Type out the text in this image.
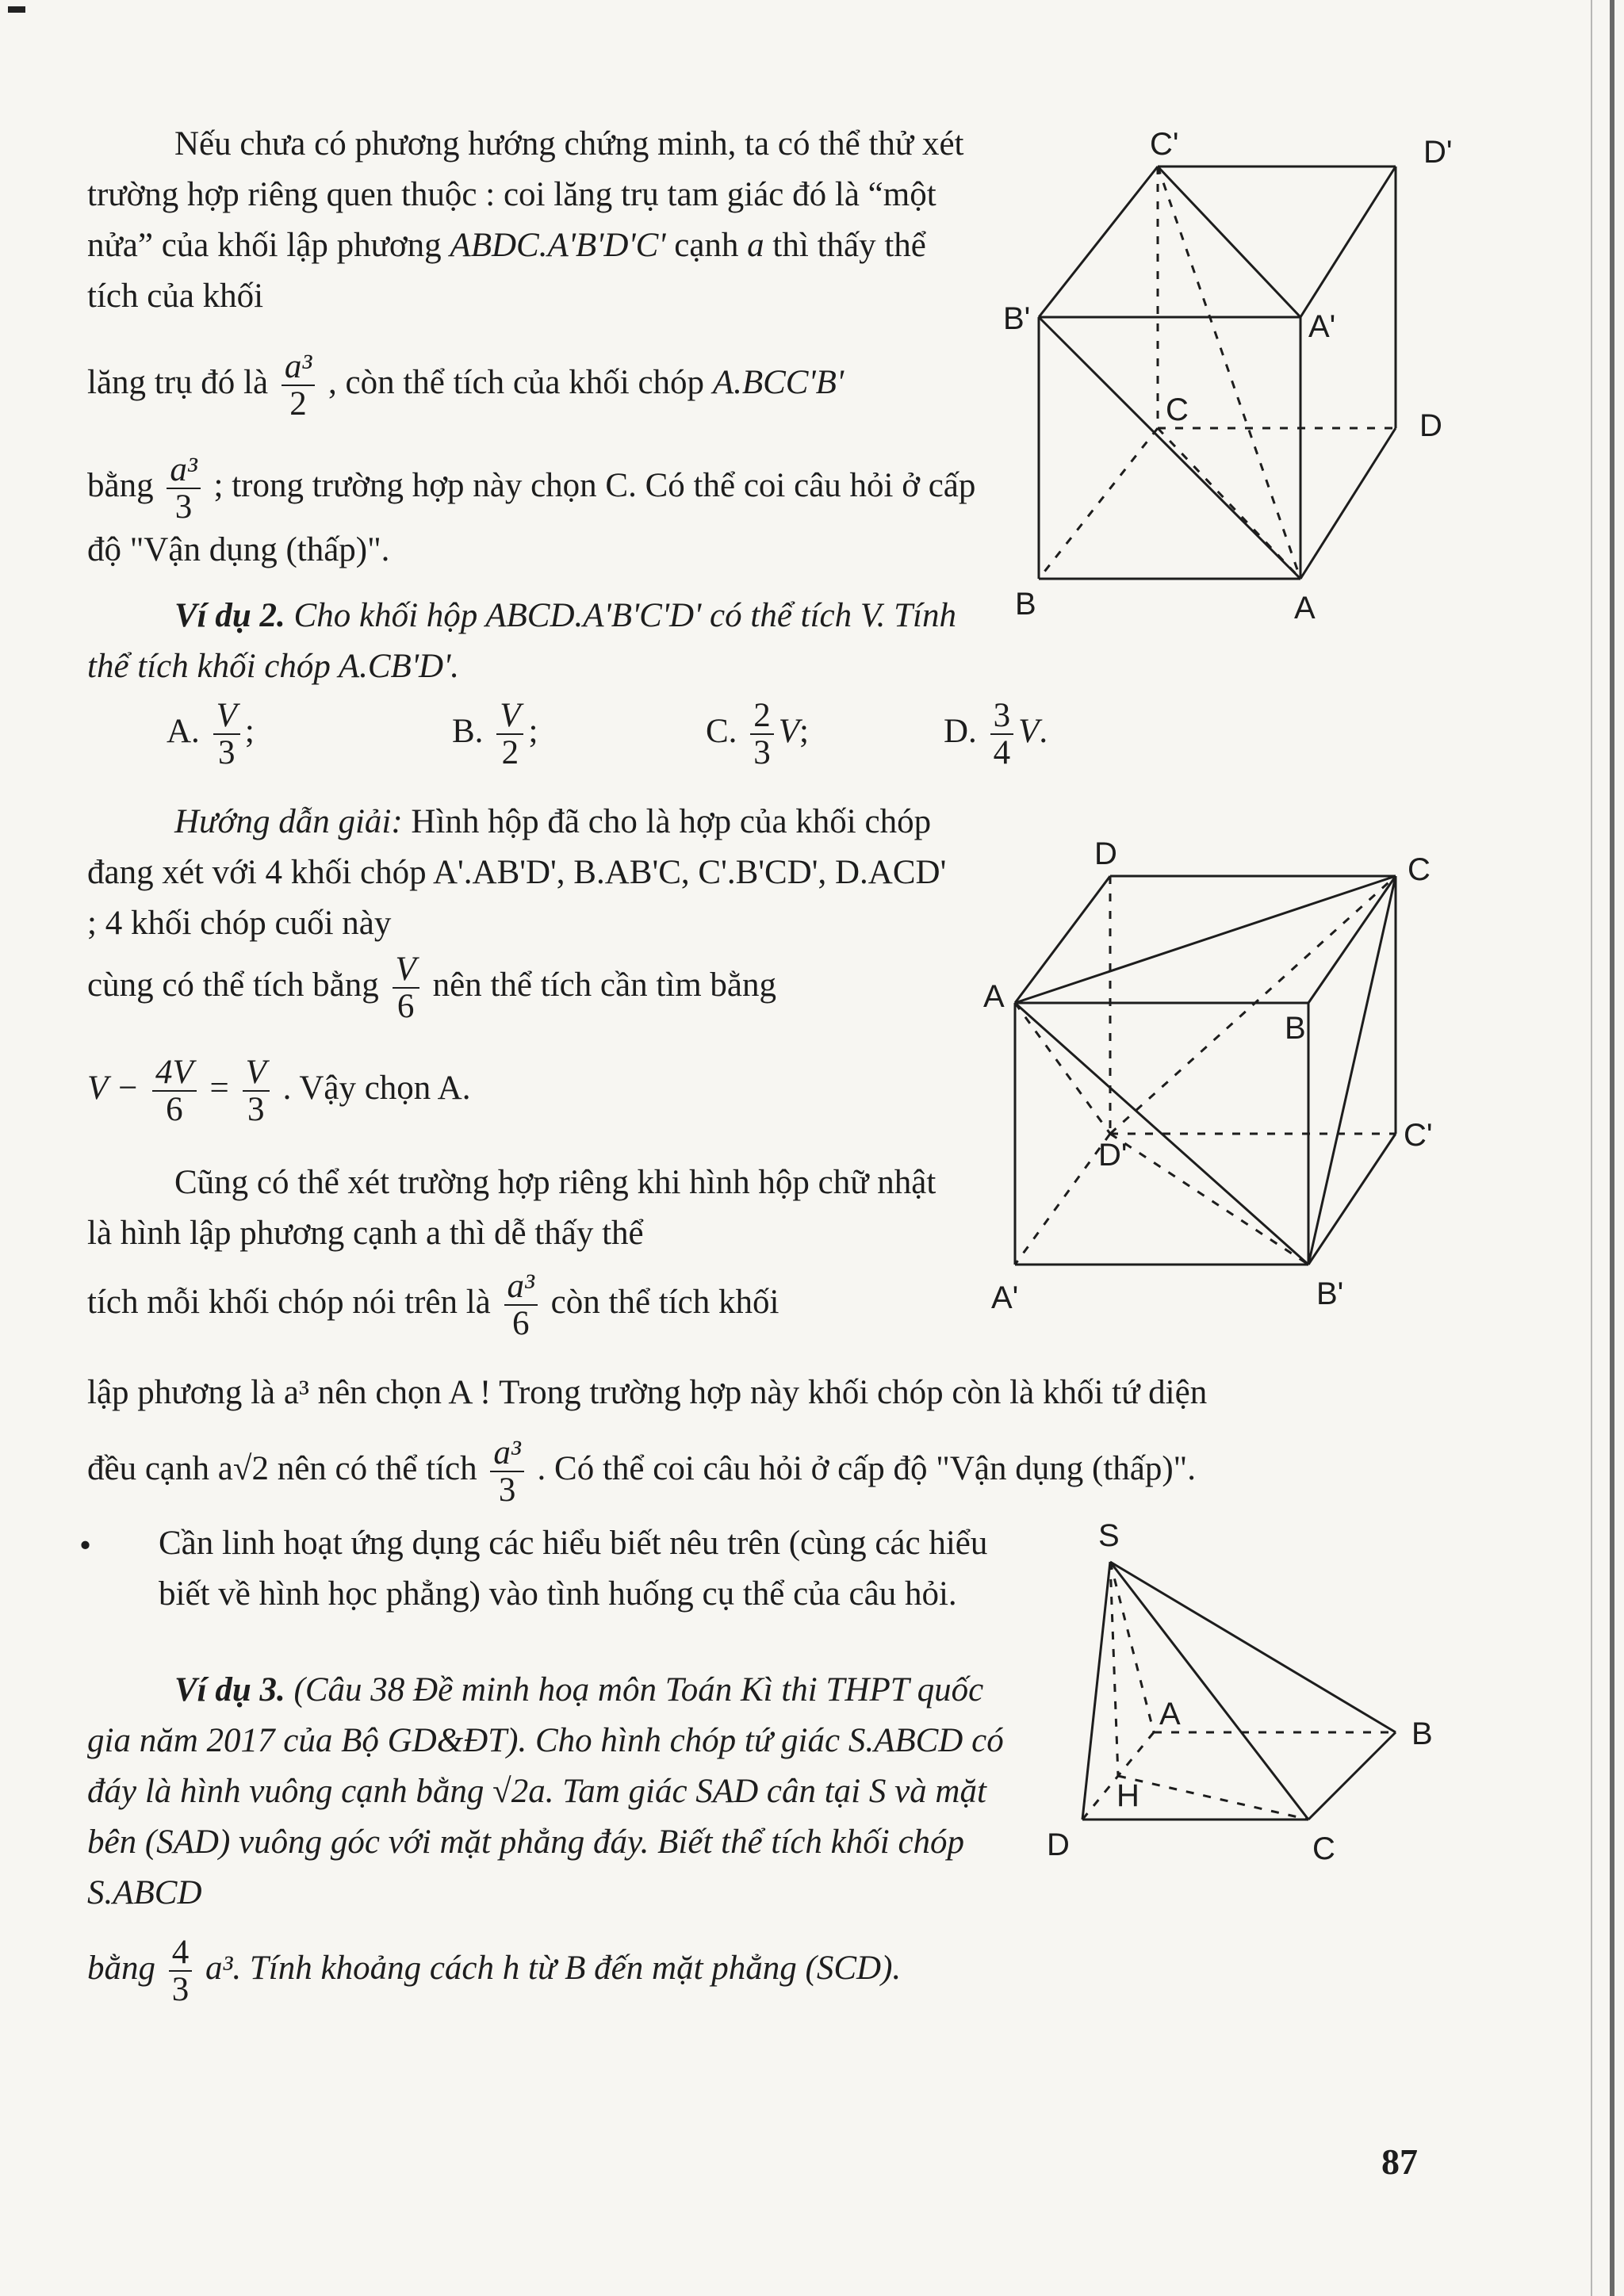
Nếu chưa có phương hướng chứng minh, ta có thể thử xét trường hợp riêng quen thuộc : coi lăng trụ tam giác đó là “một nửa” của khối lập phương ABDC.A'B'D'C' cạnh a thì thấy thể tích của khối

lăng trụ đó là $\frac{\text{a³}}{2}$ , còn thể tích của khối chóp A.BCC'B'
bằng $\frac{\text{a³}}{3}$ ; trong trường hợp này chọn C. Có thể coi câu hỏi ở cấp độ "Vận dụng (thấp)".

Ví dụ 2. Cho khối hộp ABCD.A'B'C'D' có thể tích V. Tính thể tích khối chóp A.CB'D'.

A. $\frac{V}{3}$ ;	B. $\frac{V}{2}$ ;	C. $\frac{2}{3} V$;	D. $\frac{3}{4} V$.

Hướng dẫn giải: Hình hộp đã cho là hợp của khối chóp đang xét với 4 khối chóp A'.AB'D', B.AB'C, C'.B'CD', D.ACD' ; 4 khối chóp cuối này

cùng có thể tích bằng $\frac{V}{6}$ nên thể tích cần tìm bằng
$V - \frac{4V}{6} = \frac{V}{3}$ . Vậy chọn A.

Cũng có thể xét trường hợp riêng khi hình hộp chữ nhật là hình lập phương cạnh a thì dễ thấy thể

tích mỗi khối chóp nói trên là $\frac{\text{a³}}{6}$ còn thể tích khối
lập phương là a³ nên chọn A ! Trong trường hợp này khối chóp còn là khối tứ diện
đều cạnh a√2 nên có thể tích $\frac{\text{a³}}{3}$ . Có thể coi câu hỏi ở cấp độ "Vận dụng (thấp)".
• Cần linh hoạt ứng dụng các hiểu biết nêu trên (cùng các hiểu biết về hình học phẳng) vào tình huống cụ thể của câu hỏi.

Ví dụ 3. (Câu 38 Đề minh hoạ môn Toán Kì thi THPT quốc gia năm 2017 của Bộ GD&ĐT). Cho hình chóp tứ giác S.ABCD có đáy là hình vuông cạnh bằng √2a. Tam giác SAD cân tại S và mặt bên (SAD) vuông góc với mặt phẳng đáy. Biết thể tích khối chóp S.ABCD

bằng $\frac{4}{3} a^3$. Tính khoảng cách h từ B đến mặt phẳng (SCD).
C'	D'
B'	A'
C	D
B	A
D	C
A
B
C'
D'
A'	B'
S
A
B
H
D	C
87
